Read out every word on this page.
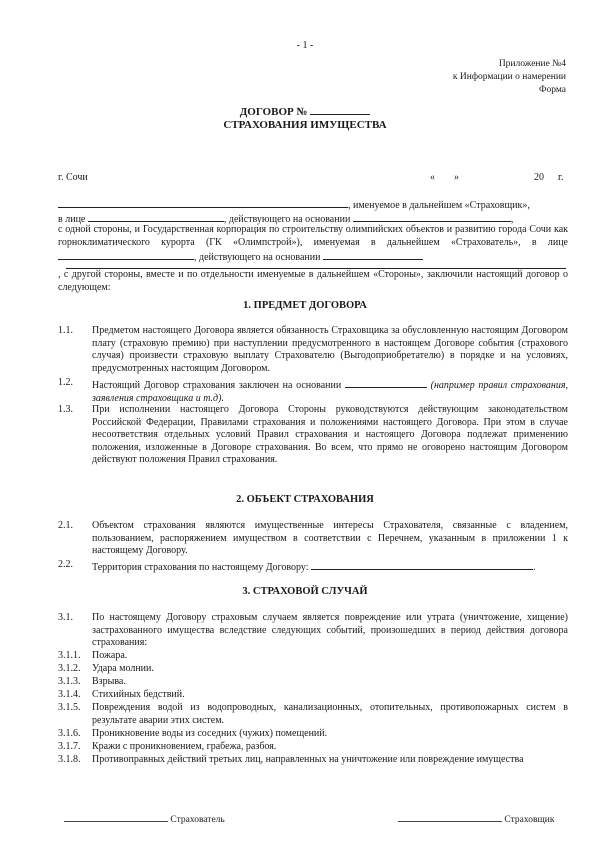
- 1 -
Приложение №4
к Информации о намерении
Форма
ДОГОВОР №
СТРАХОВАНИЯ ИМУЩЕСТВА
г. Сочи	« »	20 г.
, именуемое в дальнейшем «Страховщик»,
в лице	, действующего на основании	,
с одной стороны, и Государственная корпорация по строительству олимпийских объектов и развитию города Сочи как горноклиматического курорта (ГК «Олимпстрой»), именуемая в дальнейшем «Страхователь», в лице , действующего на основании
, с другой стороны, вместе и по отдельности именуемые в дальнейшем «Стороны», заключили настоящий договор о следующем:
1. ПРЕДМЕТ ДОГОВОРА
1.1. Предметом настоящего Договора является обязанность Страховщика за обусловленную настоящим Договором плату (страховую премию) при наступлении предусмотренного в настоящем Договоре события (страхового случая) произвести страховую выплату Страхователю (Выгодоприобретателю) в порядке и на условиях, предусмотренных настоящим Договором.
1.2. Настоящий Договор страхования заключен на основании	(например правил страхования, заявления страховщика и т.д).
1.3. При исполнении настоящего Договора Стороны руководствуются действующим законодательством Российской Федерации, Правилами страхования и положениями настоящего Договора. При этом в случае несоответствия отдельных условий Правил страхования и настоящего Договора подлежат применению положения, изложенные в Договоре страхования. Во всем, что прямо не оговорено настоящим Договором действуют положения Правил страхования.
2. ОБЪЕКТ СТРАХОВАНИЯ
2.1. Объектом страхования являются имущественные интересы Страхователя, связанные с владением, пользованием, распоряжением имуществом в соответствии с Перечнем, указанным в приложении 1 к настоящему Договору.
2.2. Территория страхования по настоящему Договору:	.
3. СТРАХОВОЙ СЛУЧАЙ
3.1. По настоящему Договору страховым случаем является повреждение или утрата (уничтожение, хищение) застрахованного имущества вследствие следующих событий, произошедших в период действия договора страхования:
3.1.1. Пожара.
3.1.2. Удара молнии.
3.1.3. Взрыва.
3.1.4. Стихийных бедствий.
3.1.5. Повреждения водой из водопроводных, канализационных, отопительных, противопожарных систем в результате аварии этих систем.
3.1.6. Проникновение воды из соседних (чужих) помещений.
3.1.7. Кражи с проникновением, грабежа, разбоя.
3.1.8. Противоправных действий третьих лиц, направленных на уничтожение или повреждение имущества
Страхователь	Страховщик
